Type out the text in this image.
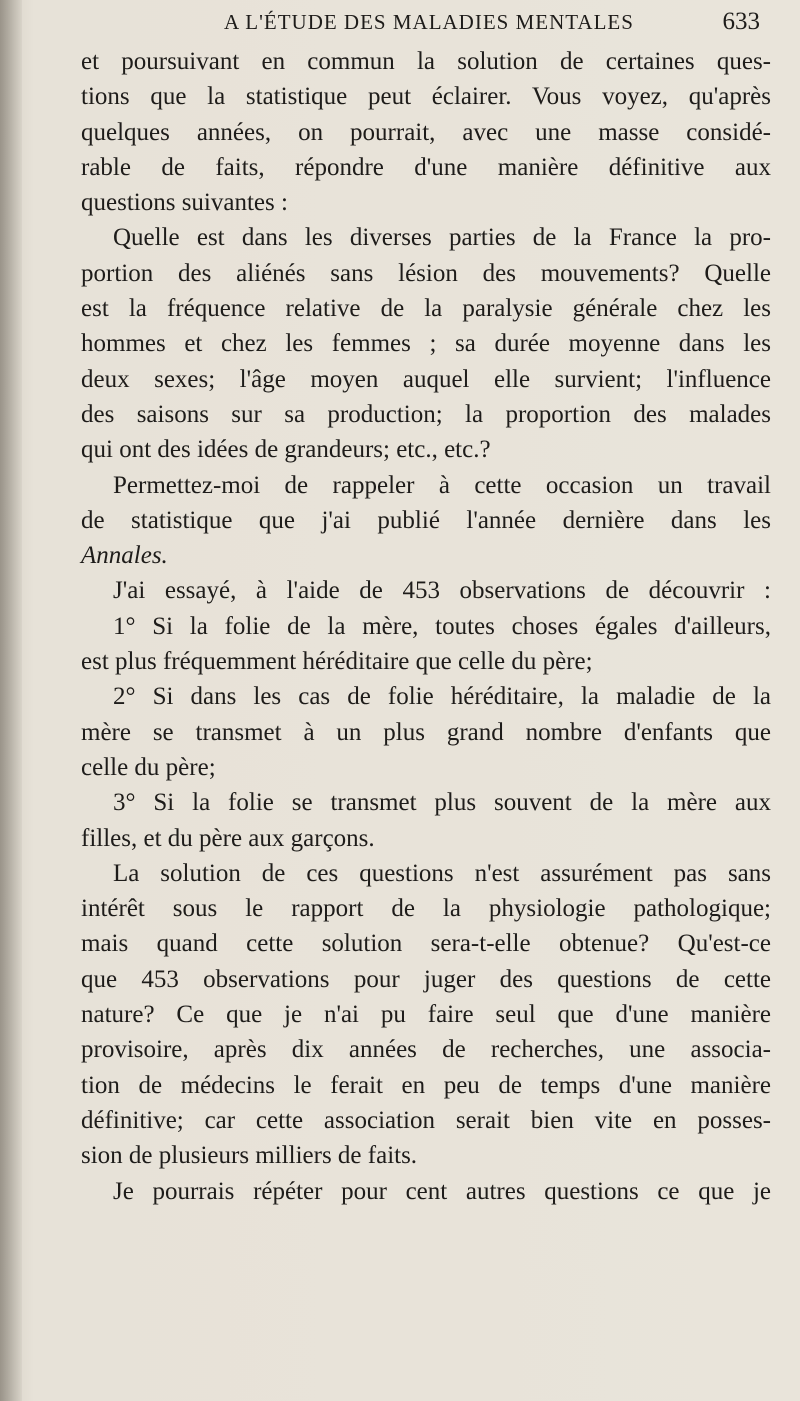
A L'ÉTUDE DES MALADIES MENTALES	633
et poursuivant en commun la solution de certaines ques-
tions que la statistique peut éclairer. Vous voyez, qu'après
quelques années, on pourrait, avec une masse considé-
rable de faits, répondre d'une manière définitive aux
questions suivantes :
Quelle est dans les diverses parties de la France la pro-
portion des aliénés sans lésion des mouvements? Quelle
est la fréquence relative de la paralysie générale chez les
hommes et chez les femmes ; sa durée moyenne dans les
deux sexes; l'âge moyen auquel elle survient; l'influence
des saisons sur sa production; la proportion des malades
qui ont des idées de grandeurs; etc., etc.?
Permettez-moi de rappeler à cette occasion un travail
de statistique que j'ai publié l'année dernière dans les
Annales.
J'ai essayé, à l'aide de 453 observations de découvrir :
1° Si la folie de la mère, toutes choses égales d'ailleurs,
est plus fréquemment héréditaire que celle du père;
2° Si dans les cas de folie héréditaire, la maladie de la
mère se transmet à un plus grand nombre d'enfants que
celle du père;
3° Si la folie se transmet plus souvent de la mère aux
filles, et du père aux garçons.
La solution de ces questions n'est assurément pas sans
intérêt sous le rapport de la physiologie pathologique;
mais quand cette solution sera-t-elle obtenue? Qu'est-ce
que 453 observations pour juger des questions de cette
nature? Ce que je n'ai pu faire seul que d'une manière
provisoire, après dix années de recherches, une associa-
tion de médecins le ferait en peu de temps d'une manière
définitive; car cette association serait bien vite en posses-
sion de plusieurs milliers de faits.
Je pourrais répéter pour cent autres questions ce que je
